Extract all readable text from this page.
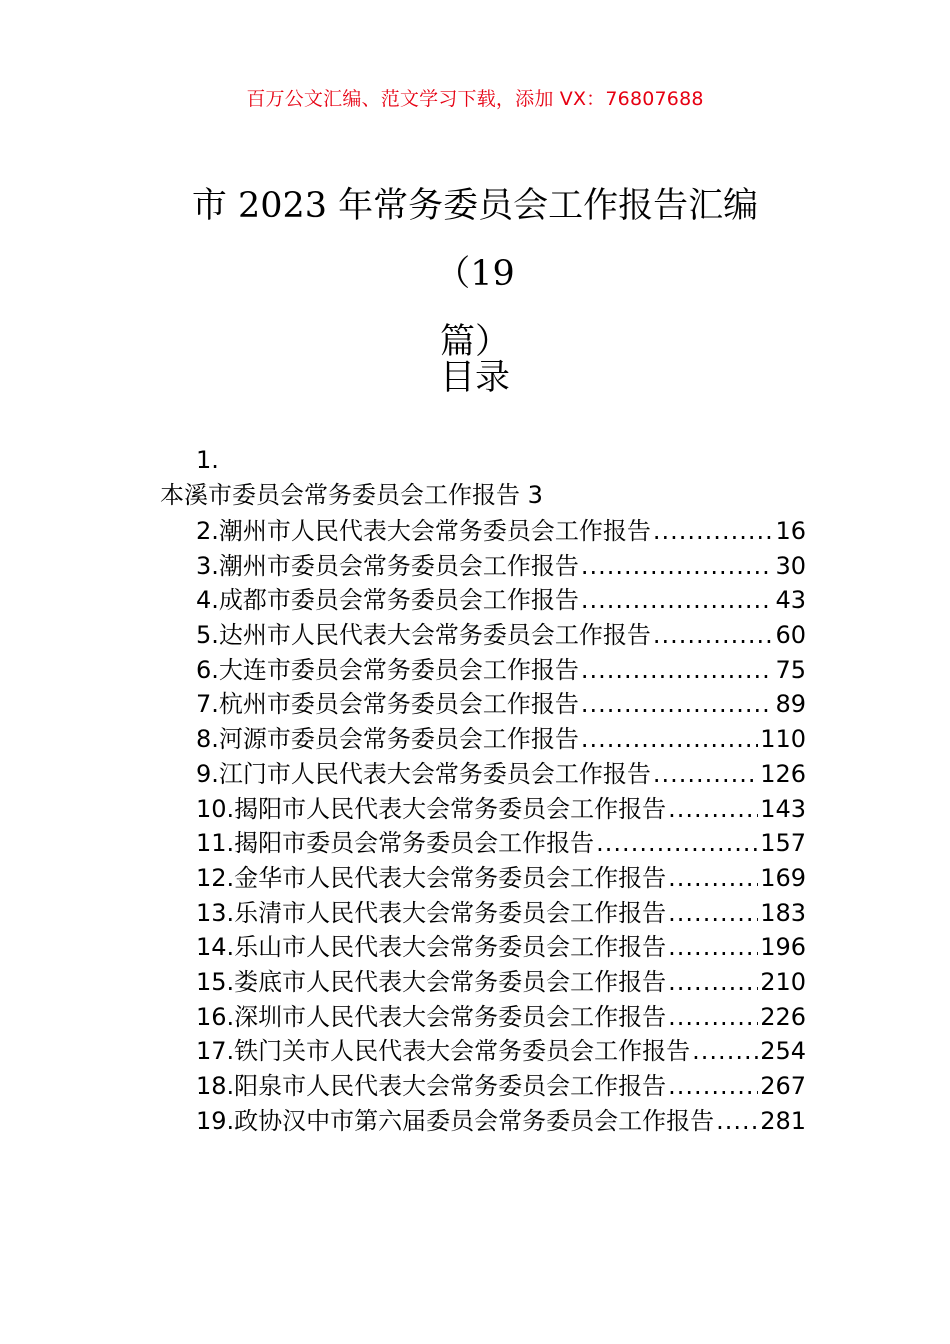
百万公文汇编、范文学习下载，添加 VX：76807688
市 2023 年常务委员会工作报告汇编（19
篇）
目录
1.
本溪市委员会常务委员会工作报告 3
2.潮州市人民代表大会常务委员会工作报告 .....	16
3.潮州市委员会常务委员会工作报告 .....	30
4.成都市委员会常务委员会工作报告 .....	43
5.达州市人民代表大会常务委员会工作报告 .....	60
6.大连市委员会常务委员会工作报告 .....	75
7.杭州市委员会常务委员会工作报告 .....	89
8.河源市委员会常务委员会工作报告 .....	110
9.江门市人民代表大会常务委员会工作报告 .....	126
10.揭阳市人民代表大会常务委员会工作报告 .....	143
11.揭阳市委员会常务委员会工作报告 .....	157
12.金华市人民代表大会常务委员会工作报告 .....	169
13.乐清市人民代表大会常务委员会工作报告 .....	183
14.乐山市人民代表大会常务委员会工作报告 .....	196
15.娄底市人民代表大会常务委员会工作报告 .....	210
16.深圳市人民代表大会常务委员会工作报告 .....	226
17.铁门关市人民代表大会常务委员会工作报告 .....	254
18.阳泉市人民代表大会常务委员会工作报告 .....	267
19.政协汉中市第六届委员会常务委员会工作报告 ..... 281
